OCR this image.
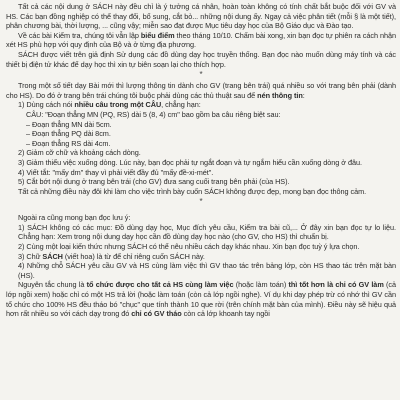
Tất cả các nội dung ở SÁCH này đều chỉ là ý tưởng cá nhân, hoàn toàn không có tính chất bắt buộc đối với GV và HS. Các bạn đồng nghiệp có thể thay đổi, bổ sung, cắt bỏ... những nội dung ấy. Ngay cả việc phân tiết (mỗi § là một tiết), phân chương bài, thời lượng, ... cũng vậy; miễn sao đạt được Mục tiêu dạy học của Bộ Giáo dục và Đào tạo.

Về các bài Kiểm tra, chúng tôi vẫn lập biểu điểm theo tháng 10/10. Chấm bài xong, xin bạn đọc tự phiên ra cách nhận xét HS phù hợp với quy định của Bộ và ở từng địa phương.

SÁCH được viết trên giả định Sử dụng các đồ dùng dạy học truyền thống. Bạn đọc nào muốn dùng máy tính và các thiết bị điện tử khác để dạy học thì xin tự biên soạn lại cho thích hợp.

*

Trong một số tiết dạy Bài mới thì lượng thông tin dành cho GV (trang bên trái) quá nhiều so với trang bên phải (dành cho HS). Do đó ở trang bên trái chúng tôi buộc phải dùng các thủ thuật sau để nén thông tin:

1) Dùng cách nói nhiều câu trong một CÂU, chẳng hạn:

CÂU: "Đoạn thẳng MN (PQ, RS) dài 5 (8, 4) cm" bao gồm ba câu riêng biệt sau:

– Đoạn thẳng MN dài 5cm.

– Đoạn thẳng PQ dài 8cm.

– Đoạn thẳng RS dài 4cm.

2) Giảm cỡ chữ và khoảng cách dòng.

3) Giảm thiểu việc xuống dòng. Lúc này, bạn đọc phải tự ngắt đoạn và tự ngắm hiểu cần xuống dòng ở đâu.

4) Viết tắt: "mấy dm" thay vì phải viết đầy đủ "mấy đề-xi-mét".

5) Cắt bớt nội dung ở trang bên trái (cho GV) đưa sang cuối trang bên phải (của HS).

Tất cả những điều này đôi khi làm cho việc trình bày cuốn SÁCH không được đẹp, mong bạn đọc thông cảm.

*

Ngoài ra cũng mong bạn đọc lưu ý:

1) SÁCH không có các mục: Đồ dùng dạy học, Mục đích yêu cầu, Kiểm tra bài cũ,... Ở đây xin bạn đọc tự lo liệu. Chẳng hạn: Xem trong nội dung dạy học cần đồ dùng dạy học nào (cho GV, cho HS) thì chuẩn bị.

2) Cùng một loại kiến thức nhưng SÁCH có thể nêu nhiều cách dạy khác nhau. Xin bạn đọc tuỳ ý lựa chọn.

3) Chữ SÁCH (viết hoa) là từ để chỉ riêng cuốn SÁCH này.

4) Những chỗ SÁCH yêu cầu GV và HS cùng làm việc thì GV thao tác trên bảng lớp, còn HS thao tác trên mặt bàn (HS).

Nguyên tắc chung là tổ chức được cho tất cả HS cùng làm việc (hoặc làm toán) thì tốt hơn là chỉ có GV làm (cả lớp ngồi xem) hoặc chỉ có một HS trả lời (hoặc làm toán (còn cả lớp ngồi nghe). Ví dụ khi dạy phép trừ có nhớ thì GV cần tổ chức cho 100% HS đều tháo bó "chục" que tính thành 10 que rời (trên chính mặt bàn của mình). Điều này sẽ hiệu quả hơn rất nhiều so với cách dạy trong đó chỉ có GV tháo còn cả lớp khoanh tay ngồi
